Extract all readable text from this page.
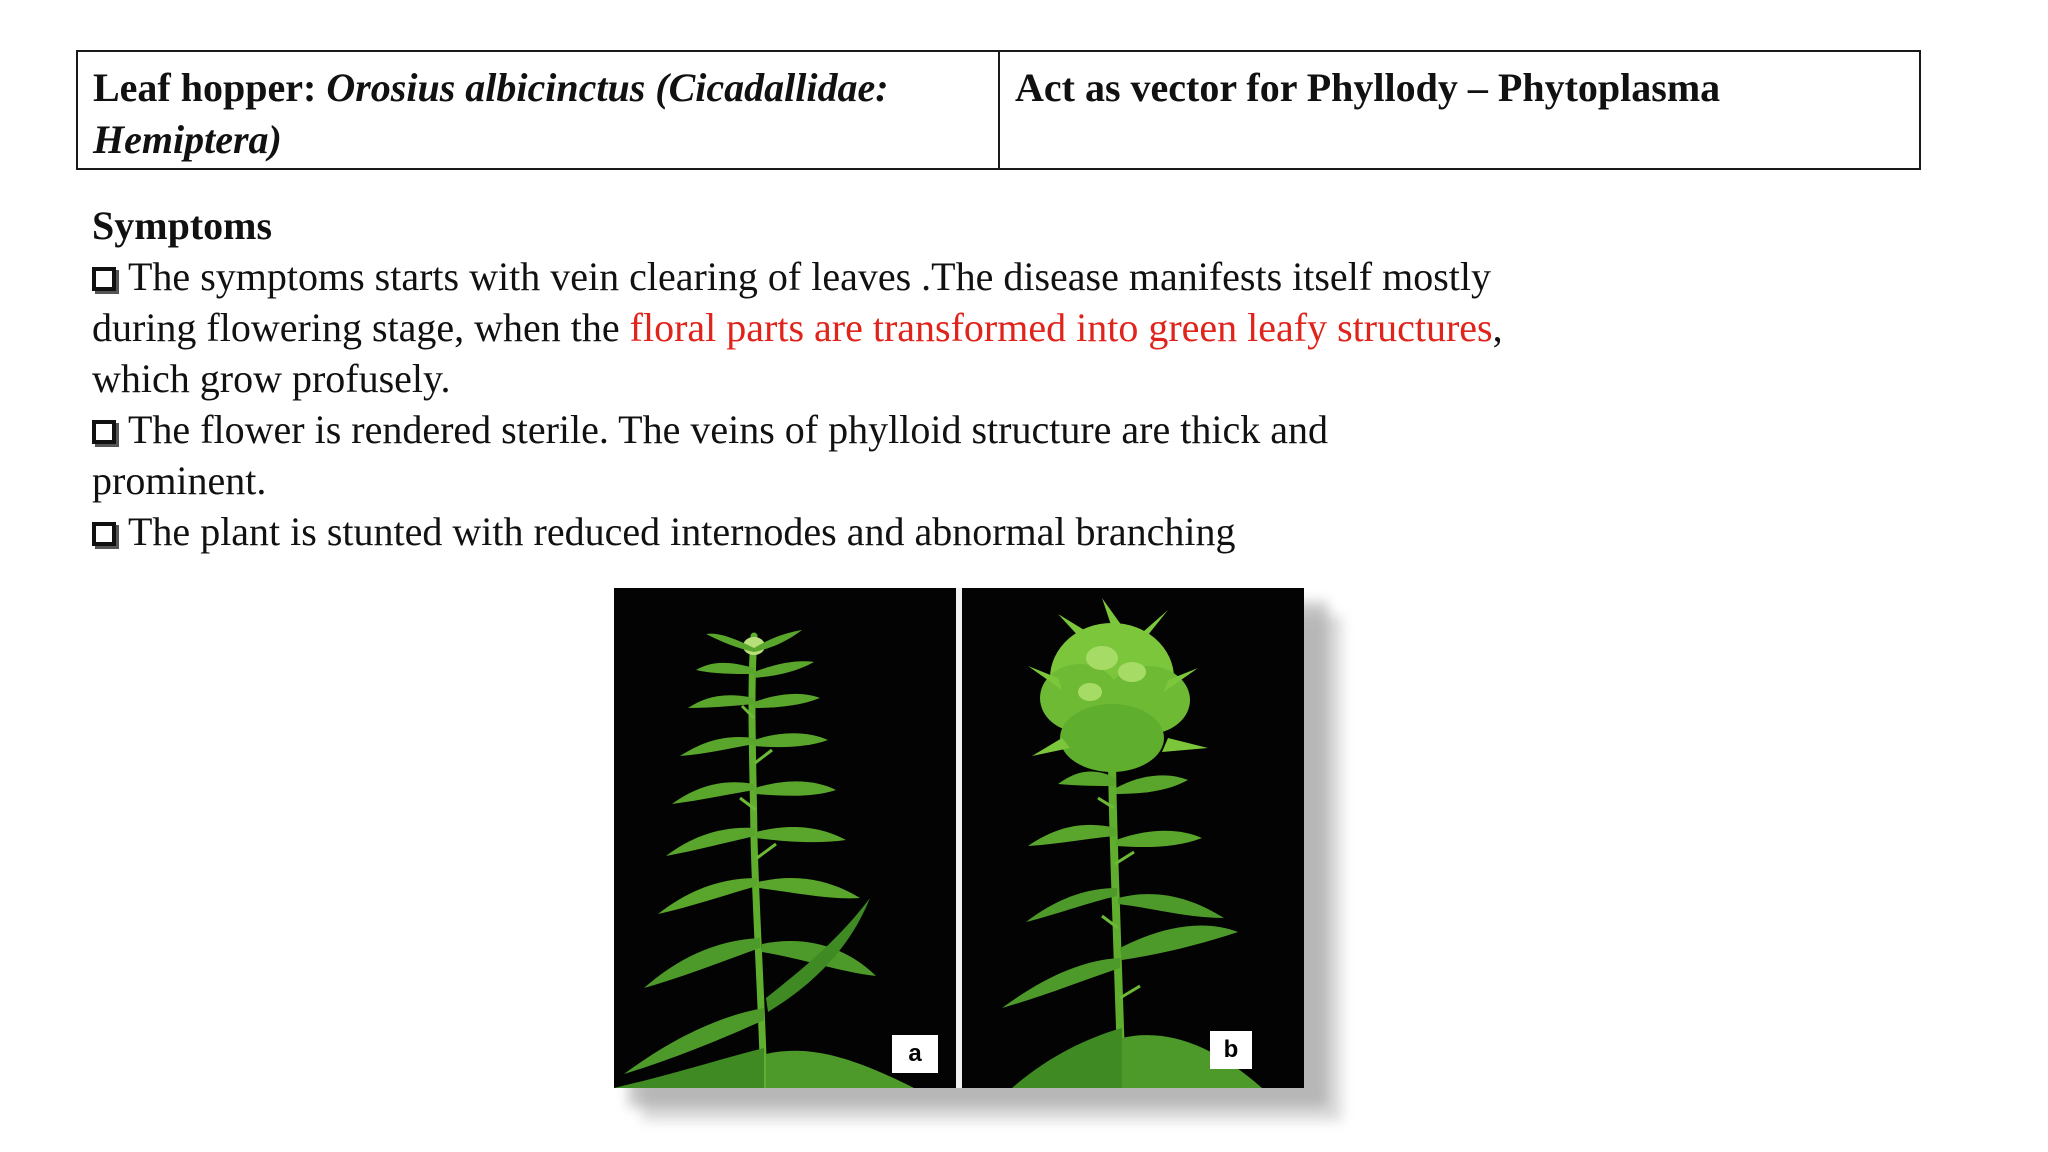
Leaf hopper: Orosius albicinctus (Cicadallidae:
Hemiptera)	Act as vector for Phyllody – Phytoplasma

Symptoms

The symptoms starts with vein clearing of leaves .The disease manifests itself mostly during flowering stage, when the floral parts are transformed into green leafy structures, which grow profusely.

The flower is rendered sterile. The veins of phylloid structure are thick and prominent.

The plant is stunted with reduced internodes and abnormal branching

a	b
